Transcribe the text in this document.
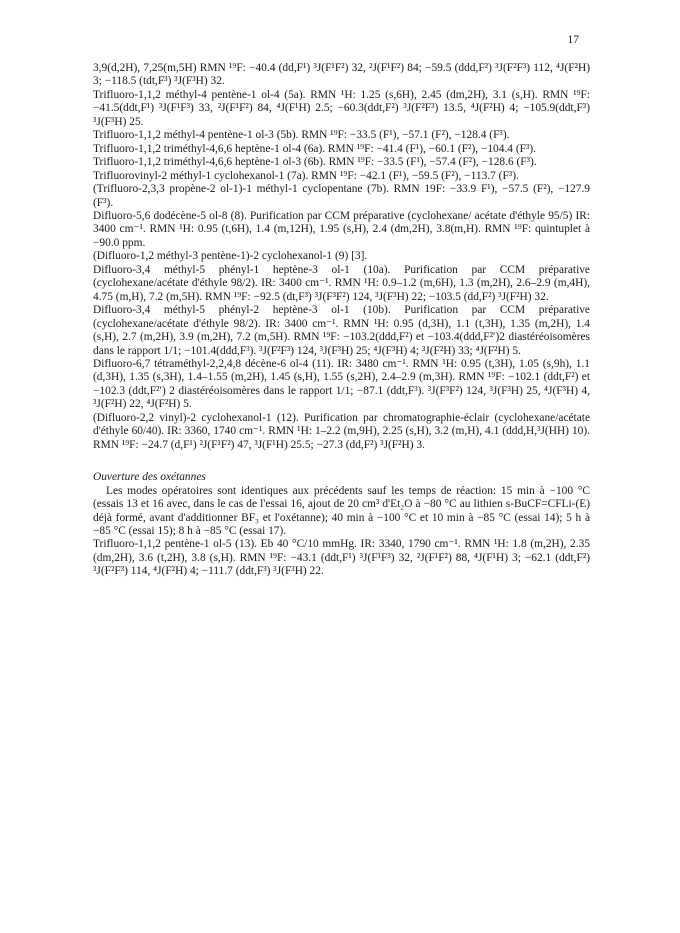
17

3,9(d,2H), 7,25(m,5H) RMN ¹⁹F: −40.4 (dd,F¹) ³J(F¹F²) 32, ²J(F¹F²) 84; −59.5 (ddd,F²) ³J(F²F³) 112, ⁴J(F²H) 3; −118.5 (tdt,F³) ³J(F³H) 32.

Trifluoro-1,1,2 méthyl-4 pentène-1 ol-4 (5a). RMN ¹H: 1.25 (s,6H), 2.45 (dm,2H), 3.1 (s,H). RMN ¹⁹F: −41.5(ddt,F¹) ³J(F¹F³) 33, ²J(F¹F²) 84, ⁴J(F¹H) 2.5; −60.3(ddt,F²) ³J(F²F³) 13.5, ⁴J(F²H) 4; −105.9(ddt,F³) ³J(F³H) 25.

Trifluoro-1,1,2 méthyl-4 pentène-1 ol-3 (5b). RMN ¹⁹F: −33.5 (F¹), −57.1 (F²), −128.4 (F³).

Trifluoro-1,1,2 triméthyl-4,6,6 heptène-1 ol-4 (6a). RMN ¹⁹F: −41.4 (F¹), −60.1 (F²), −104.4 (F³).

Trifluoro-1,1,2 triméthyl-4,6,6 heptène-1 ol-3 (6b). RMN ¹⁹F: −33.5 (F¹), −57.4 (F²), −128.6 (F³).

Trifluorovinyl-2 méthyl-1 cyclohexanol-1 (7a). RMN ¹⁹F: −42.1 (F¹), −59.5 (F²), −113.7 (F³).

(Trifluoro-2,3,3 propène-2 ol-1)-1 méthyl-1 cyclopentane (7b). RMN 19F: −33.9 F¹), −57.5 (F²), −127.9 (F³).

Difluoro-5,6 dodécène-5 ol-8 (8). Purification par CCM préparative (cyclohexane/ acétate d'éthyle 95/5) IR: 3400 cm⁻¹. RMN ¹H: 0.95 (t,6H), 1.4 (m,12H), 1.95 (s,H), 2.4 (dm,2H), 3.8(m,H). RMN ¹⁹F: quintuplet à −90.0 ppm.

(Difluoro-1,2 méthyl-3 pentène-1)-2 cyclohexanol-1 (9) [3].

Difluoro-3,4 méthyl-5 phényl-1 heptène-3 ol-1 (10a). Purification par CCM préparative (cyclohexane/acétate d'éthyle 98/2). IR: 3400 cm⁻¹. RMN ¹H: 0.9–1.2 (m,6H), 1.3 (m,2H), 2.6–2.9 (m,4H), 4.75 (m,H), 7.2 (m,5H). RMN ¹⁹F: −92.5 (dt,F³) ³J(F³F²) 124, ³J(F³H) 22; −103.5 (dd,F²) ³J(F²H) 32.

Difluoro-3,4 méthyl-5 phényl-2 heptène-3 ol-1 (10b). Purification par CCM préparative (cyclohexane/acétate d'éthyle 98/2). IR: 3400 cm⁻¹. RMN ¹H: 0.95 (d,3H), 1.1 (t,3H), 1.35 (m,2H), 1.4 (s,H), 2.7 (m,2H), 3.9 (m,2H), 7.2 (m,5H). RMN ¹⁹F: −103.2(ddd,F²) et −103.4(ddd,F²′)2 diastéréoisomères dans le rapport 1/1; −101.4(ddd,F³). ³J(F²F³) 124, ³J(F³H) 25; ⁴J(F³H) 4; ³J(F²H) 33; ⁴J(F²H) 5.

Difluoro-6,7 tétraméthyl-2,2,4,8 décène-6 ol-4 (11). IR: 3480 cm⁻¹. RMN ¹H: 0.95 (t,3H), 1.05 (s,9h), 1.1 (d,3H), 1.35 (s,3H), 1.4–1.55 (m,2H), 1.45 (s,H), 1.55 (s,2H), 2.4–2.9 (m,3H). RMN ¹⁹F: −102.1 (ddt,F²) et −102.3 (ddt,F²′) 2 diastéréoisomères dans le rapport 1/1; −87.1 (ddt,F³). ³J(F³F²) 124, ³J(F³H) 25, ⁴J(F³H) 4, ³J(F²H) 22, ⁴J(F²H) 5.

(Difluoro-2,2 vinyl)-2 cyclohexanol-1 (12). Purification par chromatographie-éclair (cyclohexane/acétate d'éthyle 60/40). IR: 3360, 1740 cm⁻¹. RMN ¹H: 1–2.2 (m,9H), 2.25 (s,H), 3.2 (m,H), 4.1 (ddd,H,³J(HH) 10). RMN ¹⁹F: −24.7 (d,F¹) ²J(F¹F²) 47, ³J(F¹H) 25.5; −27.3 (dd,F²) ³J(F²H) 3.

Ouverture des oxétannes

Les modes opératoires sont identiques aux précédents sauf les temps de réaction: 15 min à −100 °C (essais 13 et 16 avec, dans le cas de l'essai 16, ajout de 20 cm³ d'Et₂O à −80 °C au lithien s-BuCF=CFLi-(E) déjà formé, avant d'additionner BF₃ et l'oxétanne); 40 min à −100 °C et 10 min à −85 °C (essai 14); 5 h à −85 °C (essai 15); 8 h à −85 °C (essai 17).

Trifluoro-1,1,2 pentène-1 ol-5 (13). Eb 40 °C/10 mmHg. IR: 3340, 1790 cm⁻¹. RMN ¹H: 1.8 (m,2H), 2.35 (dm,2H), 3.6 (t,2H), 3.8 (s,H). RMN ¹⁹F: −43.1 (ddt,F¹) ³J(F¹F³) 32, ²J(F¹F²) 88, ⁴J(F¹H) 3; −62.1 (ddt,F²) ³J(F²F³) 114, ⁴J(F²H) 4; −111.7 (ddt,F³) ³J(F³H) 22.
